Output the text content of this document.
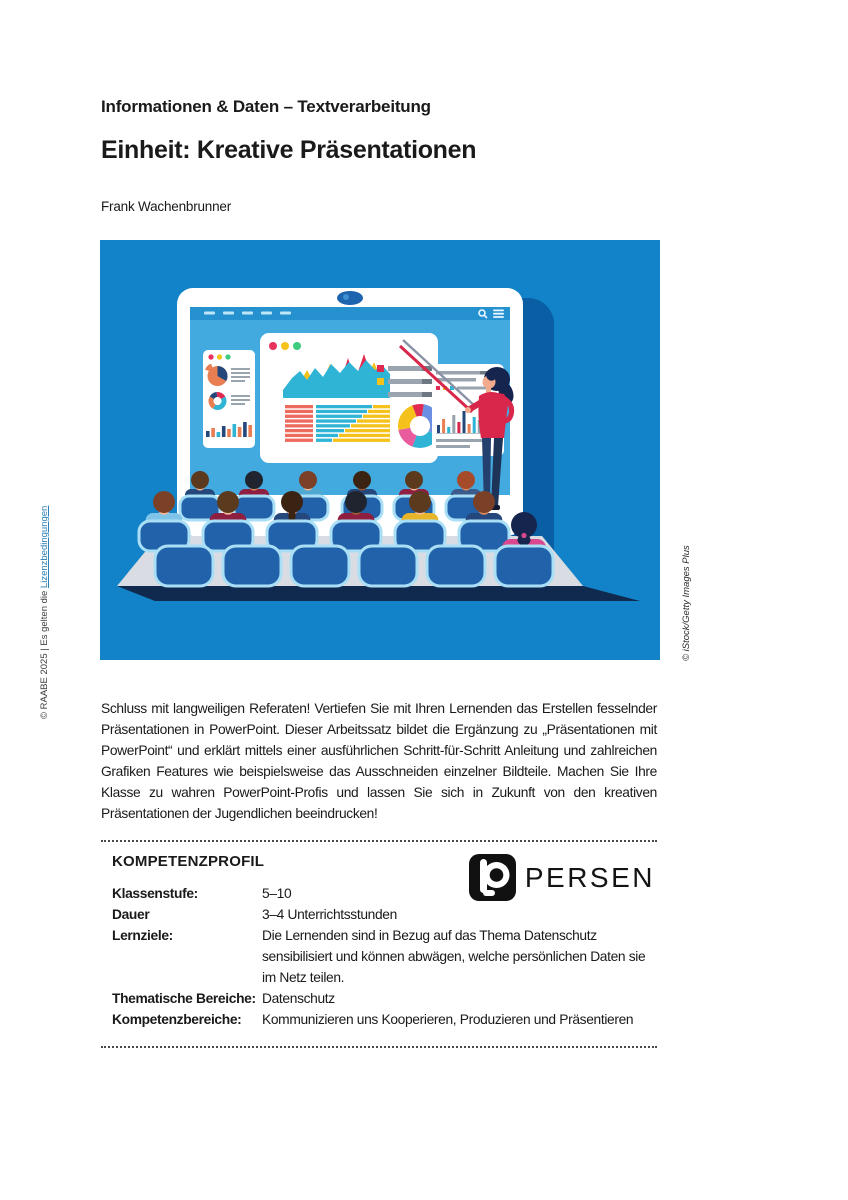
Informationen & Daten – Textverarbeitung
Einheit: Kreative Präsentationen
Frank Wachenbrunner
© RAABE 2025 | Es gelten die Lizenzbedingungen	© iStock/Getty Images Plus

Schluss mit langweiligen Referaten! Vertiefen Sie mit Ihren Lernenden das Erstellen fesselnder Präsentationen in PowerPoint. Dieser Arbeitssatz bildet die Ergänzung zu „Präsentationen mit PowerPoint“ und erklärt mittels einer ausführlichen Schritt-für-Schritt Anleitung und zahlreichen Grafiken Features wie beispielsweise das Ausschneiden einzelner Bildteile. Machen Sie Ihre Klasse zu wahren PowerPoint-Profis und lassen Sie sich in Zukunft von den kreativen Präsentationen der Jugendlichen beeindrucken!

KOMPETENZPROFIL	PERSEN
Klassenstufe:	5–10
Dauer	3–4 Unterrichtsstunden
Lernziele:	Die Lernenden sind in Bezug auf das Thema Datenschutz sensibilisiert und können abwägen, welche persönlichen Daten sie im Netz teilen.
Thematische Bereiche: Datenschutz
Kompetenzbereiche:	Kommunizieren uns Kooperieren, Produzieren und Präsentieren
